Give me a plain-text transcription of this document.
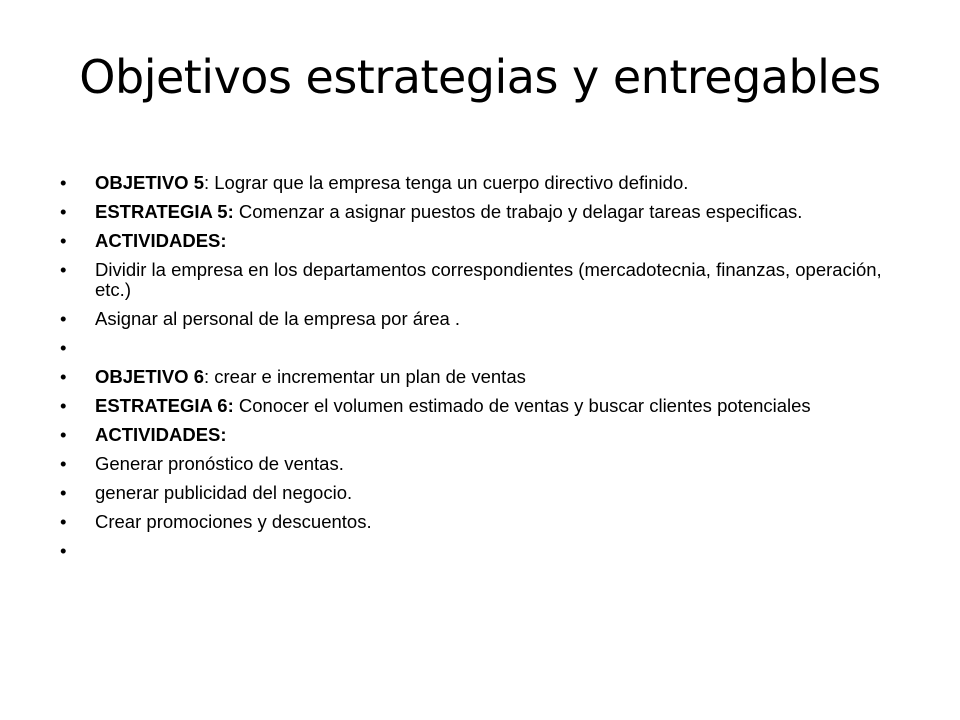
Objetivos estrategias y entregables
• OBJETIVO 5: Lograr que la empresa tenga un cuerpo directivo definido.
• ESTRATEGIA 5: Comenzar a asignar puestos de trabajo y delagar tareas especificas.
• ACTIVIDADES:
• Dividir la empresa en los departamentos correspondientes (mercadotecnia, finanzas, operación, etc.)
• Asignar al personal de la empresa por área .
•
• OBJETIVO 6: crear e incrementar un plan de ventas
• ESTRATEGIA 6: Conocer el volumen estimado de ventas y buscar clientes potenciales
• ACTIVIDADES:
• Generar pronóstico de ventas.
• generar publicidad del negocio.
• Crear promociones y descuentos.
•
